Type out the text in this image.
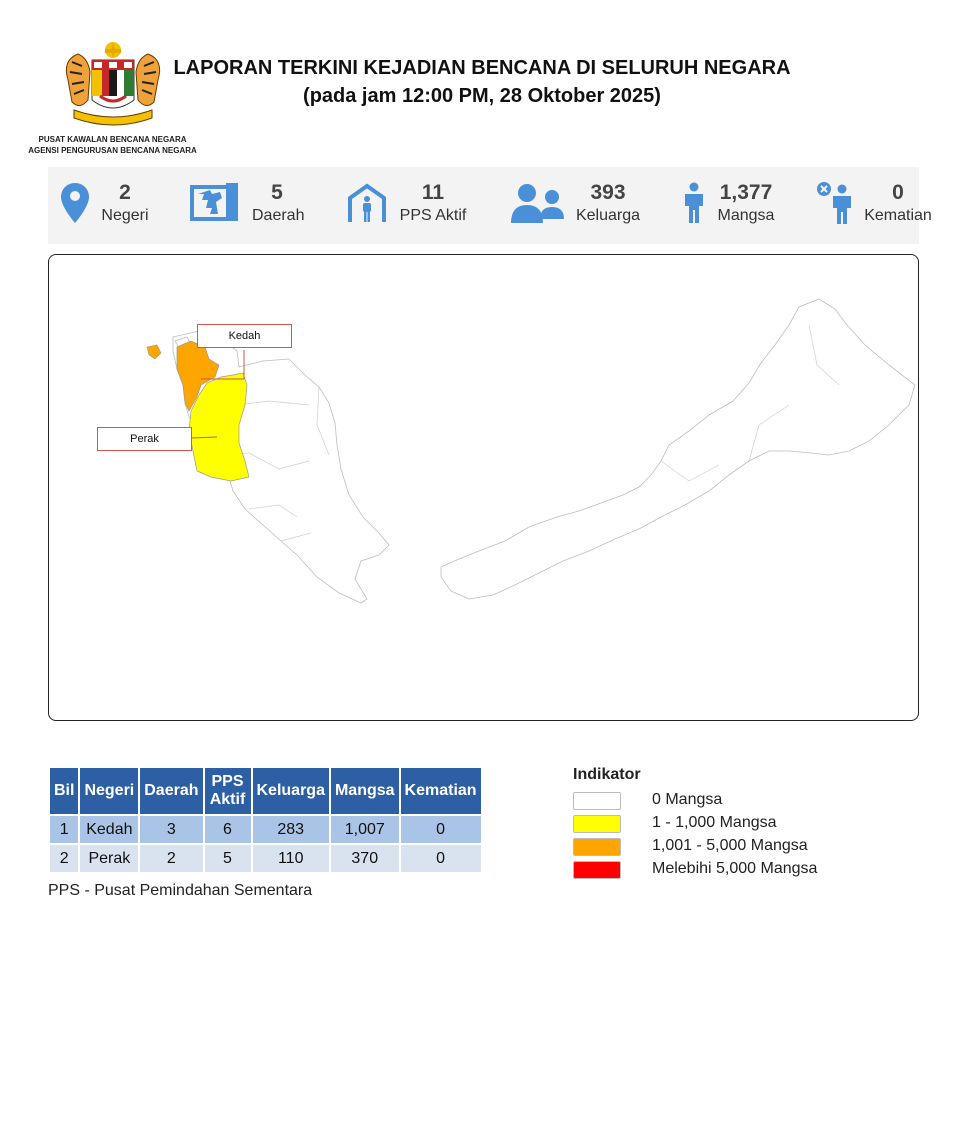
PUSAT KAWALAN BENCANA NEGARA
AGENSI PENGURUSAN BENCANA NEGARA
LAPORAN TERKINI KEJADIAN BENCANA DI SELURUH NEGARA
(pada jam 12:00 PM, 28 Oktober 2025)
2
Negeri
5
Daerah
11
PPS Aktif
393
Keluarga
1,377
Mangsa
0
Kematian
Kedah
Perak
Bil	Negeri	Daerah	PPS Aktif	Keluarga	Mangsa	Kematian
1	Kedah	3	6	283	1,007	0
2	Perak	2	5	110	370	0
PPS - Pusat Pemindahan Sementara
Indikator
0 Mangsa
1 - 1,000 Mangsa
1,001 - 5,000 Mangsa
Melebihi 5,000 Mangsa
